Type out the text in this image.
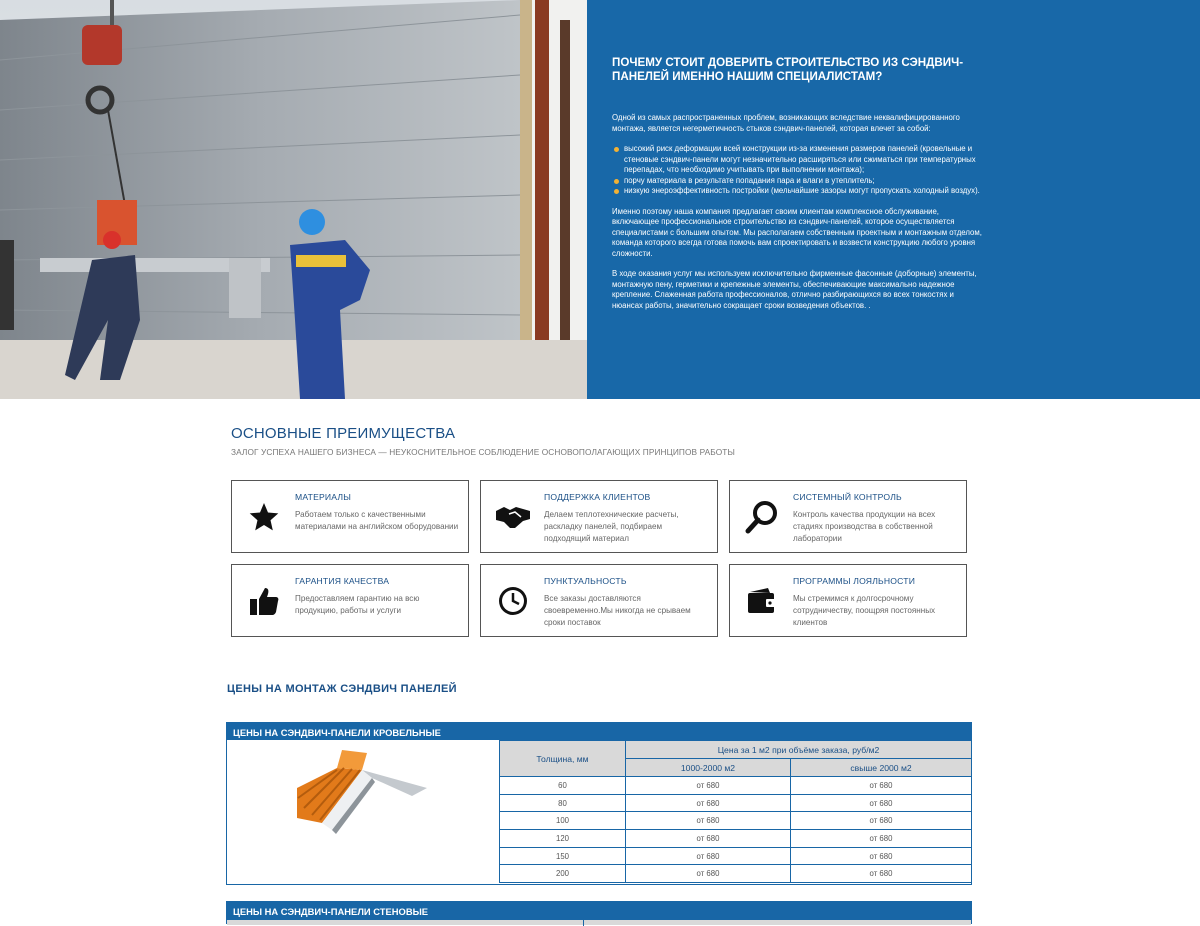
ПОЧЕМУ СТОИТ ДОВЕРИТЬ СТРОИТЕЛЬСТВО ИЗ СЭНДВИЧ-ПАНЕЛЕЙ ИМЕННО НАШИМ СПЕЦИАЛИСТАМ?

Одной из самых распространенных проблем, возникающих вследствие неквалифицированного монтажа, является негерметичность стыков сэндвич-панелей, которая влечет за собой:

высокий риск деформации всей конструкции из-за изменения размеров панелей (кровельные и стеновые сэндвич-панели могут незначительно расширяться или сжиматься при температурных перепадах, что необходимо учитывать при выполнении монтажа);
порчу материала в результате попадания пара и влаги в утеплитель;
низкую энероэффективность постройки (мельчайшие зазоры могут пропускать холодный воздух).

Именно поэтому наша компания предлагает своим клиентам комплексное обслуживание, включающее профессиональное строительство из сэндвич-панелей, которое осуществляется специалистами с большим опытом. Мы располагаем собственным проектным и монтажным отделом, команда которого всегда готова помочь вам спроектировать и возвести конструкцию любого уровня сложности.

В ходе оказания услуг мы используем исключительно фирменные фасонные (доборные) элементы, монтажную пену, герметики и крепежные элементы, обеспечивающие максимально надежное крепление. Слаженная работа профессионалов, отлично разбирающихся во всех тонкостях и нюансах работы, значительно сокращает сроки возведения объектов. .

ОСНОВНЫЕ ПРЕИМУЩЕСТВА
ЗАЛОГ УСПЕХА НАШЕГО БИЗНЕСА — НЕУКОСНИТЕЛЬНОЕ СОБЛЮДЕНИЕ ОСНОВОПОЛАГАЮЩИХ ПРИНЦИПОВ РАБОТЫ
МАТЕРИАЛЫ
Работаем только с качественными материалами на английском оборудовании
ПОДДЕРЖКА КЛИЕНТОВ
Делаем теплотехнические расчеты, раскладку панелей, подбираем подходящий материал
СИСТЕМНЫЙ КОНТРОЛЬ
Контроль качества продукции на всех стадиях производства в собственной лаборатории
ГАРАНТИЯ КАЧЕСТВА
Предоставляем гарантию на всю продукцию, работы и услуги
ПУНКТУАЛЬНОСТЬ
Все заказы доставляются своевременно.Мы никогда не срываем сроки поставок
ПРОГРАММЫ ЛОЯЛЬНОСТИ
Мы стремимся к долгосрочному сотрудничеству, поощряя постоянных клиентов
ЦЕНЫ НА МОНТАЖ СЭНДВИЧ ПАНЕЛЕЙ
ЦЕНЫ НА СЭНДВИЧ-ПАНЕЛИ КРОВЕЛЬНЫЕ
Толщина, мм	Цена за 1 м2 при объёме заказа, руб/м2	
	1000-2000 м2	свыше 2000 м2
60	от 680	от 680
80	от 680	от 680
100	от 680	от 680
120	от 680	от 680
150	от 680	от 680
200	от 680	от 680
ЦЕНЫ НА СЭНДВИЧ-ПАНЕЛИ СТЕНОВЫЕ
